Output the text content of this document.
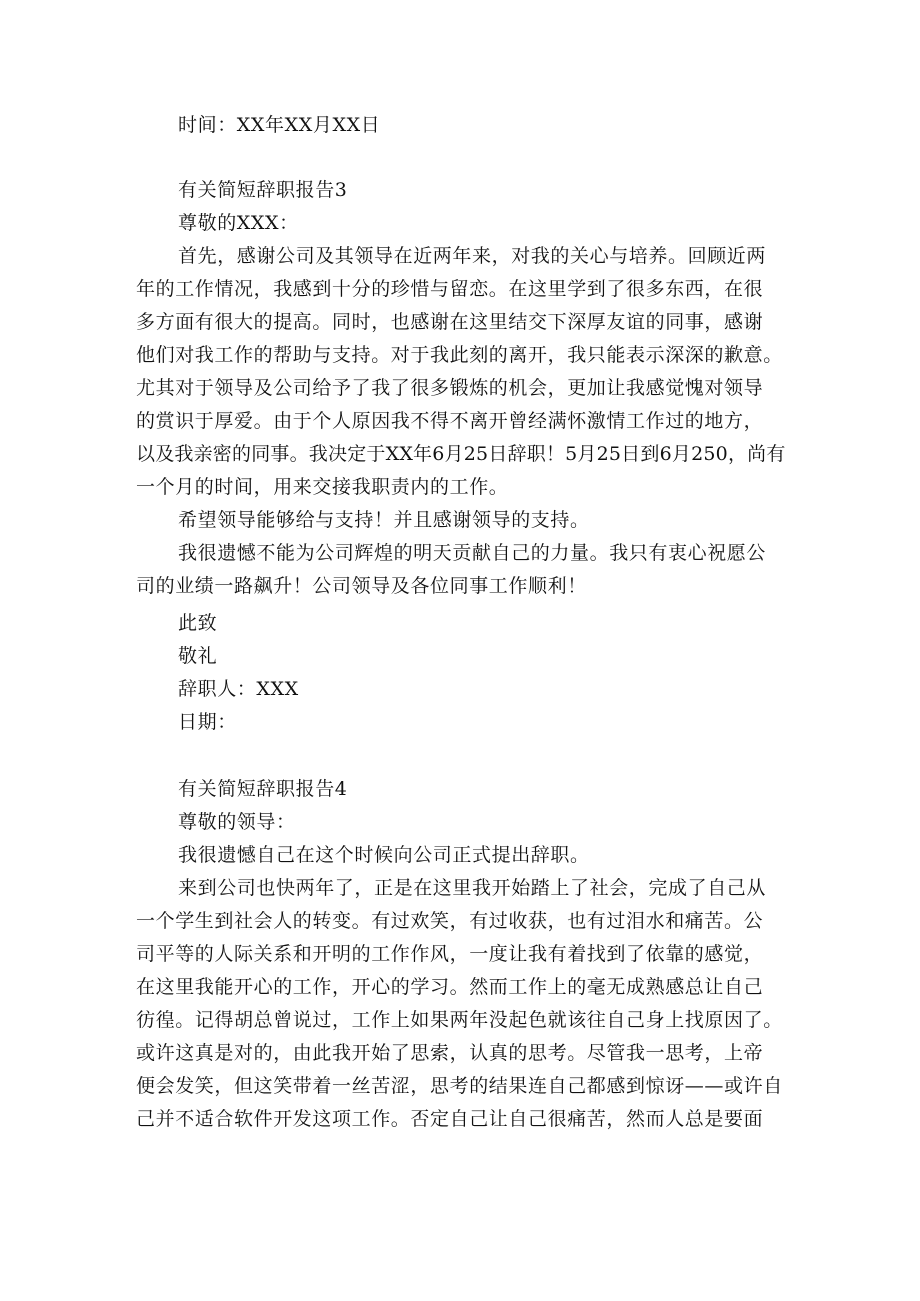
时间：XX年XX月XX日
有关简短辞职报告3
尊敬的XXX：
首先，感谢公司及其领导在近两年来，对我的关心与培养。回顾近两
年的工作情况，我感到十分的珍惜与留恋。在这里学到了很多东西，在很
多方面有很大的提高。同时，也感谢在这里结交下深厚友谊的同事，感谢
他们对我工作的帮助与支持。对于我此刻的离开，我只能表示深深的歉意。
尤其对于领导及公司给予了我了很多锻炼的机会，更加让我感觉愧对领导
的赏识于厚爱。由于个人原因我不得不离开曾经满怀激情工作过的地方，
以及我亲密的同事。我决定于XX年6月25日辞职！5月25日到6月250，尚有
一个月的时间，用来交接我职责内的工作。
希望领导能够给与支持！并且感谢领导的支持。
我很遗憾不能为公司辉煌的明天贡献自己的力量。我只有衷心祝愿公
司的业绩一路飙升！公司领导及各位同事工作顺利！
此致
敬礼
辞职人：XXX
日期：
有关简短辞职报告4
尊敬的领导：
我很遗憾自己在这个时候向公司正式提出辞职。
来到公司也快两年了，正是在这里我开始踏上了社会，完成了自己从
一个学生到社会人的转变。有过欢笑，有过收获，也有过泪水和痛苦。公
司平等的人际关系和开明的工作作风，一度让我有着找到了依靠的感觉，
在这里我能开心的工作，开心的学习。然而工作上的毫无成熟感总让自己
彷徨。记得胡总曾说过，工作上如果两年没起色就该往自己身上找原因了。
或许这真是对的，由此我开始了思索，认真的思考。尽管我一思考，上帝
便会发笑，但这笑带着一丝苦涩，思考的结果连自己都感到惊讶——或许自
己并不适合软件开发这项工作。否定自己让自己很痛苦，然而人总是要面
